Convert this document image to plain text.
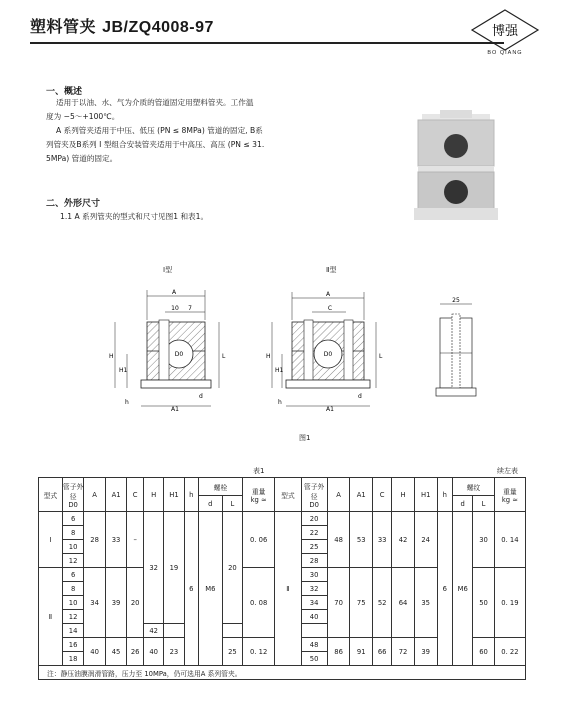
塑料管夹 JB/ZQ4008-97	博强
BO QIANG
一、概述
适用于以油、水、气为介质的管道固定用塑料管夹。工作温
度为 −5～+100℃。
A 系列管夹适用于中压、低压 (PN ≤ 8MPa) 管道的固定, B系
列管夹及B系列 Ⅰ 型组合安装管夹适用于中高压、高压 (PN ≤ 31.
5MPa) 管道的固定。
二、外形尺寸
1.1 A 系列管夹的型式和尺寸见图1 和表1。
Ⅰ型	Ⅱ型
图1
A
10 7
D0
H
H1
L
h
A1
d
A
C
D0
H
H1
L
h
A1
d
25
表1	续左表
型式	管子外径
D0	A	A1	C	H	H1	h	螺栓		重量
kg ≈	型式	管子外径
D0	A	A1	C	H	H1	h	螺纹		重量
kg ≈
								d	L										d	L	
Ⅰ	6	28	33	–	32	19	6	M6	20	0. 06	Ⅱ	20	48	53	33	42	24	6	M6	30	0. 14
	8											22									
	10											25									
	12											28									
Ⅱ	6	34	39	20						0. 08		30	70	75	52	64	35			50	0. 19
	8											32									
	10											34									
	12											40									
	14				42																
	16	40	45	26	40	23			25	0. 12		48	86	91	66	72	39			60	0. 22
	18											50									
注：静压油膜润滑管路，压力至 10MPa，仍可选用A 系列管夹。																					
